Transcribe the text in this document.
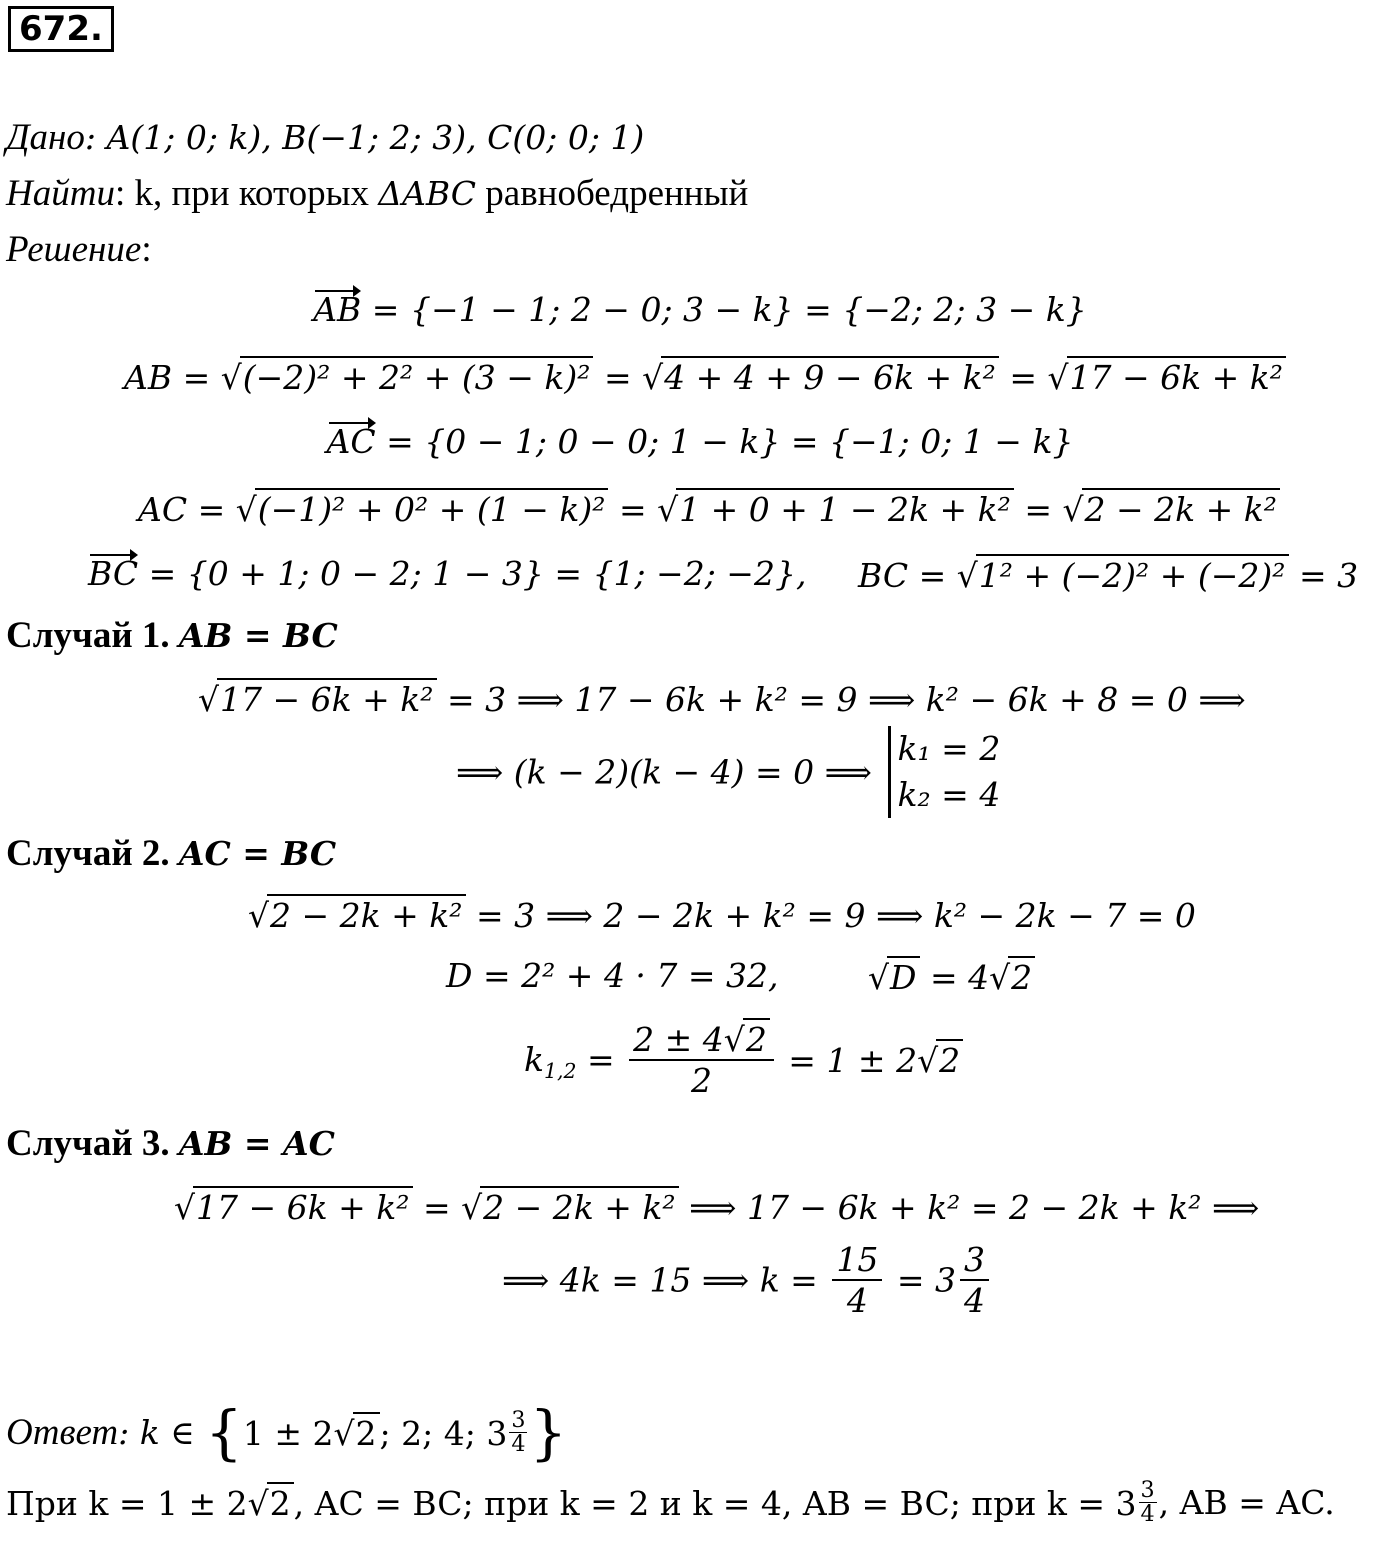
672.
Дано: A(1; 0; k), B(−1; 2; 3), C(0; 0; 1)
Найти: k, при которых ΔABC равнобедренный
Решение:
AB = {−1 − 1; 2 − 0; 3 − k} = {−2; 2; 3 − k}
AB = √(−2)² + 2² + (3 − k)² = √4 + 4 + 9 − 6k + k² = √17 − 6k + k²
AC = {0 − 1; 0 − 0; 1 − k} = {−1; 0; 1 − k}
AC = √(−1)² + 0² + (1 − k)² = √1 + 0 + 1 − 2k + k² = √2 − 2k + k²
BC = {0 + 1; 0 − 2; 1 − 3} = {1; −2; −2}, BC = √1² + (−2)² + (−2)² = 3
Случай 1. AB = BC
√17 − 6k + k² = 3 ⟹ 17 − 6k + k² = 9 ⟹ k² − 6k + 8 = 0 ⟹
⟹ (k − 2)(k − 4) = 0 ⟹
k₁ = 2
k₂ = 4
Случай 2. AC = BC
√2 − 2k + k² = 3 ⟹ 2 − 2k + k² = 9 ⟹ k² − 2k − 7 = 0
D = 2² + 4 · 7 = 32,	√D = 4√2
$k_{1,2} = \frac{2 \pm 4√2}{2} = 1 \pm 2√2$
Случай 3. AB = AC
√17 − 6k + k² = √2 − 2k + k² ⟹ 17 − 6k + k² = 2 − 2k + k² ⟹
⟹ 4k = 15 ⟹ $k = \frac{15}{4} = 3 \frac{3}{4}$
Ответ: k ∈ {1 ± 2√2; 2; 4; $3 \frac{3}{4}$ }
При k = 1 ± 2√2, AC = BC; при k = 2 и k = 4, AB = BC; при $k = 3 \frac{3}{4}$ , AB = AC.
